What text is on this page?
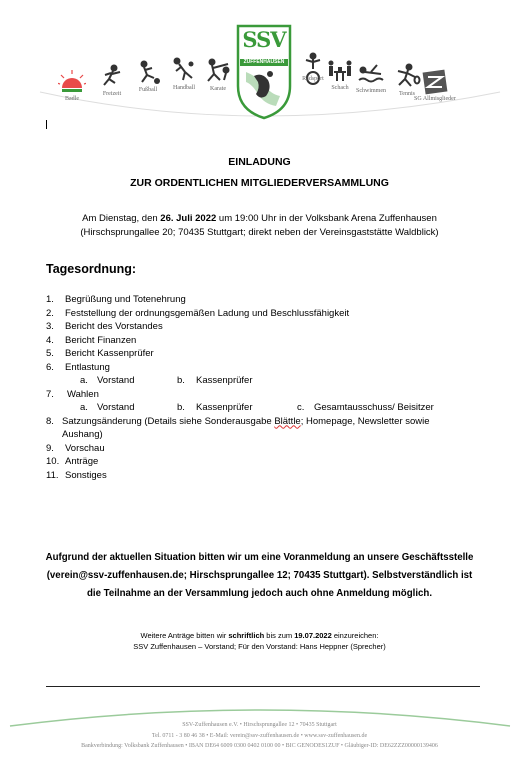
Badle
Freizeit
Fußball	Handball	Karate
SSV
ZUFFENHAUSEN
Radsport
Schach	Schwimmen	Tennis
SG Allmisglieder
EINLADUNG
ZUR ORDENTLICHEN MITGLIEDERVERSAMMLUNG
Am Dienstag, den 26. Juli 2022 um 19:00 Uhr in der Volksbank Arena Zuffenhausen
(Hirschsprungallee 20; 70435 Stuttgart; direkt neben der Vereinsgaststätte Waldblick)
Tagesordnung:
1.	Begrüßung und Totenehrung
2.	Feststellung der ordnungsgemäßen Ladung und Beschlussfähigkeit
3.	Bericht des Vorstandes
4.	Bericht Finanzen
5.	Bericht Kassenprüfer
6.	Entlastung
a. Vorstand	b. Kassenprüfer
7.	Wahlen
a. Vorstand	b. Kassenprüfer	c. Gesamtausschuss/ Beisitzer
8. Satzungsänderung (Details siehe Sonderausgabe Blättle; Homepage, Newsletter sowie
Aushang)
9.	Vorschau
10. Anträge
11. Sonstiges
Aufgrund der aktuellen Situation bitten wir um eine Voranmeldung an unsere Geschäftsstelle
(verein@ssv-zuffenhausen.de; Hirschsprungallee 12; 70435 Stuttgart). Selbstverständlich ist
die Teilnahme an der Versammlung jedoch auch ohne Anmeldung möglich.
Weitere Anträge bitten wir schriftlich bis zum 19.07.2022 einzureichen:
SSV Zuffenhausen – Vorstand; Für den Vorstand: Hans Heppner (Sprecher)
SSV-Zuffenhausen e.V. • Hirschsprungallee 12 • 70435 Stuttgart
Tel. 0711 - 3 80 46 38 • E-Mail: verein@ssv-zuffenhausen.de • www.ssv-zuffenhausen.de
Bankverbindung: Volksbank Zuffenhausen • IBAN DE64 6009 0300 0402 0100 00 • BIC GENODES1ZUF • Gläubiger-ID: DE62ZZZ00000139406
